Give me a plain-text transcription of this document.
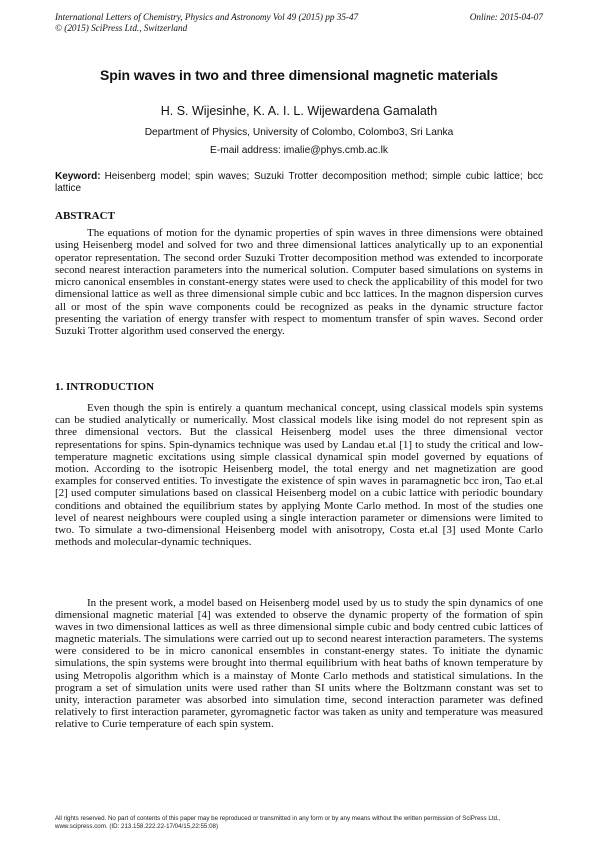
International Letters of Chemistry, Physics and Astronomy Vol 49 (2015) pp 35-47	Online: 2015-04-07
© (2015) SciPress Ltd., Switzerland
Spin waves in two and three dimensional magnetic materials
H. S. Wijesinhe, K. A. I. L. Wijewardena Gamalath
Department of Physics, University of Colombo, Colombo3, Sri Lanka
E-mail address: imalie@phys.cmb.ac.lk
Keyword: Heisenberg model; spin waves; Suzuki Trotter decomposition method; simple cubic lattice; bcc lattice
ABSTRACT

The equations of motion for the dynamic properties of spin waves in three dimensions were obtained using Heisenberg model and solved for two and three dimensional lattices analytically up to an exponential operator representation. The second order Suzuki Trotter decomposition method was extended to incorporate second nearest interaction parameters into the numerical solution. Computer based simulations on systems in micro canonical ensembles in constant-energy states were used to check the applicability of this model for two dimensional lattice as well as three dimensional simple cubic and bcc lattices. In the magnon dispersion curves all or most of the spin wave components could be recognized as peaks in the dynamic structure factor presenting the variation of energy transfer with respect to momentum transfer of spin waves. Second order Suzuki Trotter algorithm used conserved the energy.

1. INTRODUCTION

Even though the spin is entirely a quantum mechanical concept, using classical models spin systems can be studied analytically or numerically. Most classical models like ising model do not represent spin as three dimensional vectors. But the classical Heisenberg model uses the three dimensional vector representations for spins. Spin-dynamics technique was used by Landau et.al [1] to study the critical and low-temperature magnetic excitations using simple classical dynamical spin model governed by equations of motion. According to the isotropic Heisenberg model, the total energy and net magnetization are good examples for conserved entities. To investigate the existence of spin waves in paramagnetic bcc iron, Tao et.al [2] used computer simulations based on classical Heisenberg model on a cubic lattice with periodic boundary conditions and obtained the equilibrium states by applying Monte Carlo method. In most of the studies one level of nearest neighbours were coupled using a single interaction parameter or dimensions were limited to two. To simulate a two-dimensional Heisenberg model with anisotropy, Costa et.al [3] used Monte Carlo methods and molecular-dynamic techniques.

In the present work, a model based on Heisenberg model used by us to study the spin dynamics of one dimensional magnetic material [4] was extended to observe the dynamic property of the formation of spin waves in two dimensional lattices as well as three dimensional simple cubic and body centred cubic lattices of magnetic materials. The simulations were carried out up to second nearest interaction parameters. The systems were considered to be in micro canonical ensembles in constant-energy states. To initiate the dynamic simulations, the spin systems were brought into thermal equilibrium with heat baths of known temperature by using Metropolis algorithm which is a mainstay of Monte Carlo methods and statistical simulations. In the program a set of simulation units were used rather than SI units where the Boltzmann constant was set to unity, interaction parameter was absorbed into simulation time, second interaction parameter was defined relatively to first interaction parameter, gyromagnetic factor was taken as unity and temperature was measured relative to Curie temperature of each spin system.

All rights reserved. No part of contents of this paper may be reproduced or transmitted in any form or by any means without the written permission of SciPress Ltd., www.scipress.com. (ID: 213.158.222.22-17/04/15,22:55:08)
